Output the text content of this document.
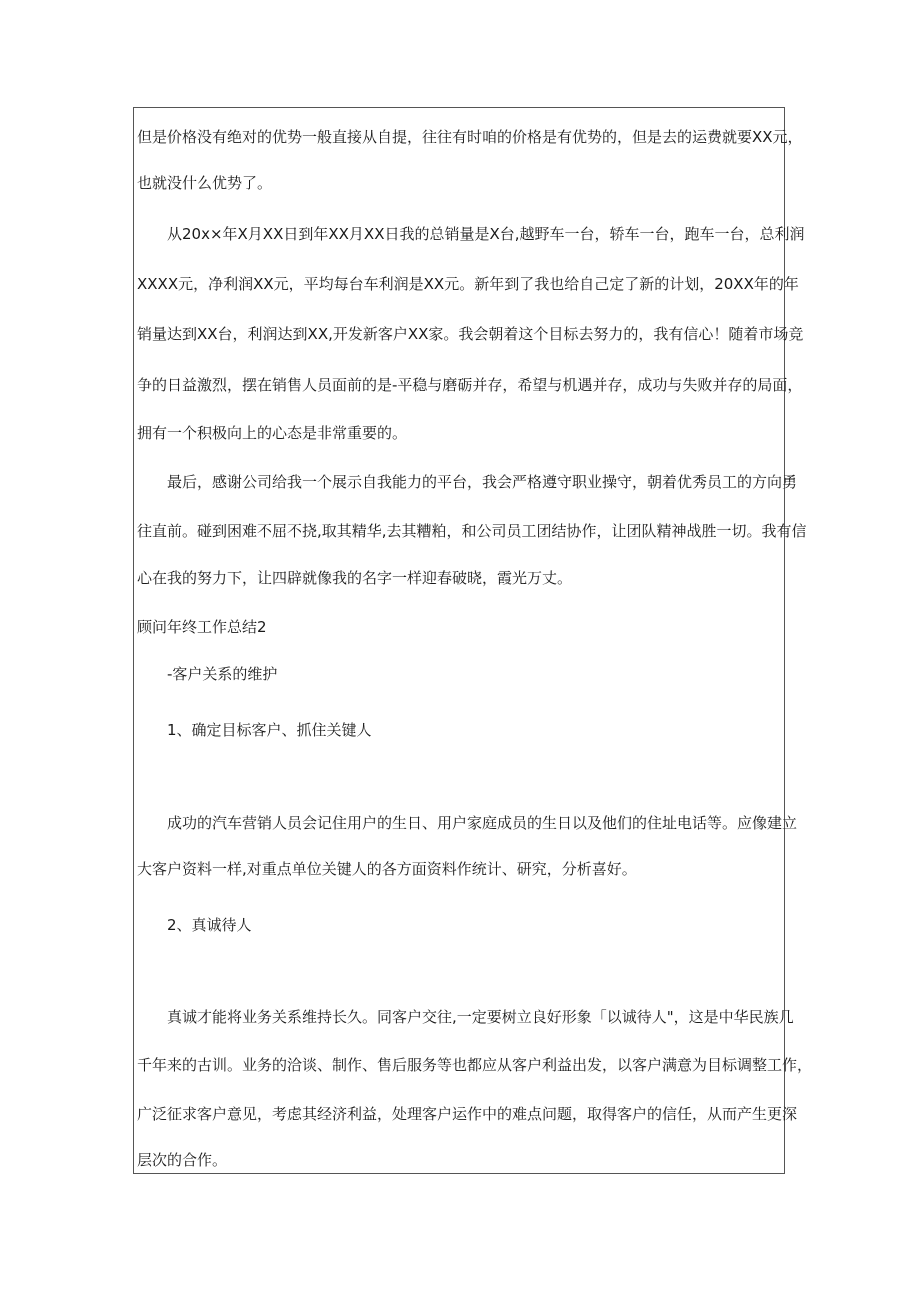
但是价格没有绝对的优势一般直接从自提，往往有时咱的价格是有优势的，但是去的运费就要XX元，
也就没什么优势了。
从20x×年X月XX日到年XX月XX日我的总销量是X台,越野车一台，轿车一台，跑车一台，总利润
XXXX元，净利润XX元，平均每台车利润是XX元。新年到了我也给自己定了新的计划，20XX年的年
销量达到XX台，利润达到XX,开发新客户XX家。我会朝着这个目标去努力的，我有信心！随着市场竞
争的日益激烈，摆在销售人员面前的是-平稳与磨砺并存，希望与机遇并存，成功与失败并存的局面，
拥有一个积极向上的心态是非常重要的。
最后，感谢公司给我一个展示自我能力的平台，我会严格遵守职业操守，朝着优秀员工的方向勇
往直前。碰到困难不屈不挠,取其精华,去其糟粕，和公司员工团结协作，让团队精神战胜一切。我有信
心在我的努力下，让四辟就像我的名字一样迎春破晓，霞光万丈。
顾问年终工作总结2
-客户关系的维护
1、确定目标客户、抓住关键人
成功的汽车营销人员会记住用户的生日、用户家庭成员的生日以及他们的住址电话等。应像建立
大客户资料一样,对重点单位关键人的各方面资料作统计、研究，分析喜好。
2、真诚待人
真诚才能将业务关系维持长久。同客户交往,一定要树立良好形象「以诚待人"，这是中华民族几
千年来的古训。业务的洽谈、制作、售后服务等也都应从客户利益出发，以客户满意为目标调整工作，
广泛征求客户意见，考虑其经济利益，处理客户运作中的难点问题，取得客户的信任，从而产生更深
层次的合作。
